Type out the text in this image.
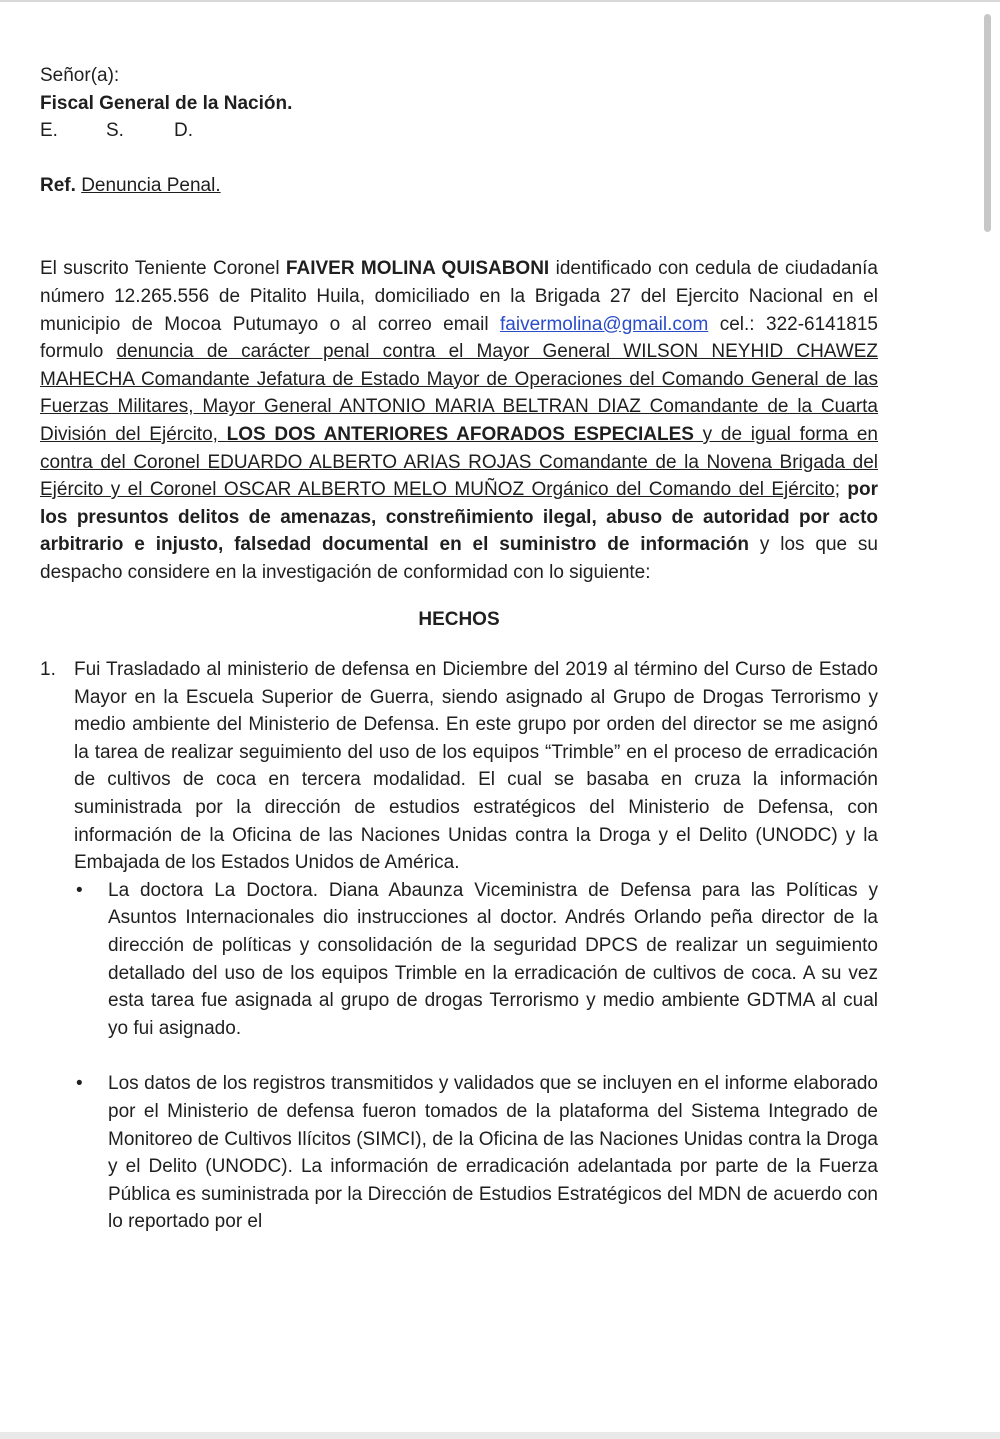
Señor(a):

Fiscal General de la Nación.

E.	S.	D.

Ref. Denuncia Penal.

El suscrito Teniente Coronel FAIVER MOLINA QUISABONI identificado con cedula de ciudadanía número 12.265.556 de Pitalito Huila, domiciliado en la Brigada 27 del Ejercito Nacional en el municipio de Mocoa Putumayo o al correo email faivermolina@gmail.com cel.: 322-6141815 formulo denuncia de carácter penal contra el Mayor General WILSON NEYHID CHAWEZ MAHECHA Comandante Jefatura de Estado Mayor de Operaciones del Comando General de las Fuerzas Militares, Mayor General ANTONIO MARIA BELTRAN DIAZ Comandante de la Cuarta División del Ejército, LOS DOS ANTERIORES AFORADOS ESPECIALES y de igual forma en contra del Coronel EDUARDO ALBERTO ARIAS ROJAS Comandante de la Novena Brigada del Ejército y el Coronel OSCAR ALBERTO MELO MUÑOZ Orgánico del Comando del Ejército; por los presuntos delitos de amenazas, constreñimiento ilegal, abuso de autoridad por acto arbitrario e injusto, falsedad documental en el suministro de información y los que su despacho considere en la investigación de conformidad con lo siguiente:

HECHOS

1. Fui Trasladado al ministerio de defensa en Diciembre del 2019 al término del Curso de Estado Mayor en la Escuela Superior de Guerra, siendo asignado al Grupo de Drogas Terrorismo y medio ambiente del Ministerio de Defensa. En este grupo por orden del director se me asignó la tarea de realizar seguimiento del uso de los equipos “Trimble” en el proceso de erradicación de cultivos de coca en tercera modalidad. El cual se basaba en cruza la información suministrada por la dirección de estudios estratégicos del Ministerio de Defensa, con información de la Oficina de las Naciones Unidas contra la Droga y el Delito (UNODC) y la Embajada de los Estados Unidos de América.
• La doctora La Doctora. Diana Abaunza Viceministra de Defensa para las Políticas y Asuntos Internacionales dio instrucciones al doctor. Andrés Orlando peña director de la dirección de políticas y consolidación de la seguridad DPCS de realizar un seguimiento detallado del uso de los equipos Trimble en la erradicación de cultivos de coca. A su vez esta tarea fue asignada al grupo de drogas Terrorismo y medio ambiente GDTMA al cual yo fui asignado.
• Los datos de los registros transmitidos y validados que se incluyen en el informe elaborado por el Ministerio de defensa fueron tomados de la plataforma del Sistema Integrado de Monitoreo de Cultivos Ilícitos (SIMCI), de la Oficina de las Naciones Unidas contra la Droga y el Delito (UNODC). La información de erradicación adelantada por parte de la Fuerza Pública es suministrada por la Dirección de Estudios Estratégicos del MDN de acuerdo con lo reportado por el
